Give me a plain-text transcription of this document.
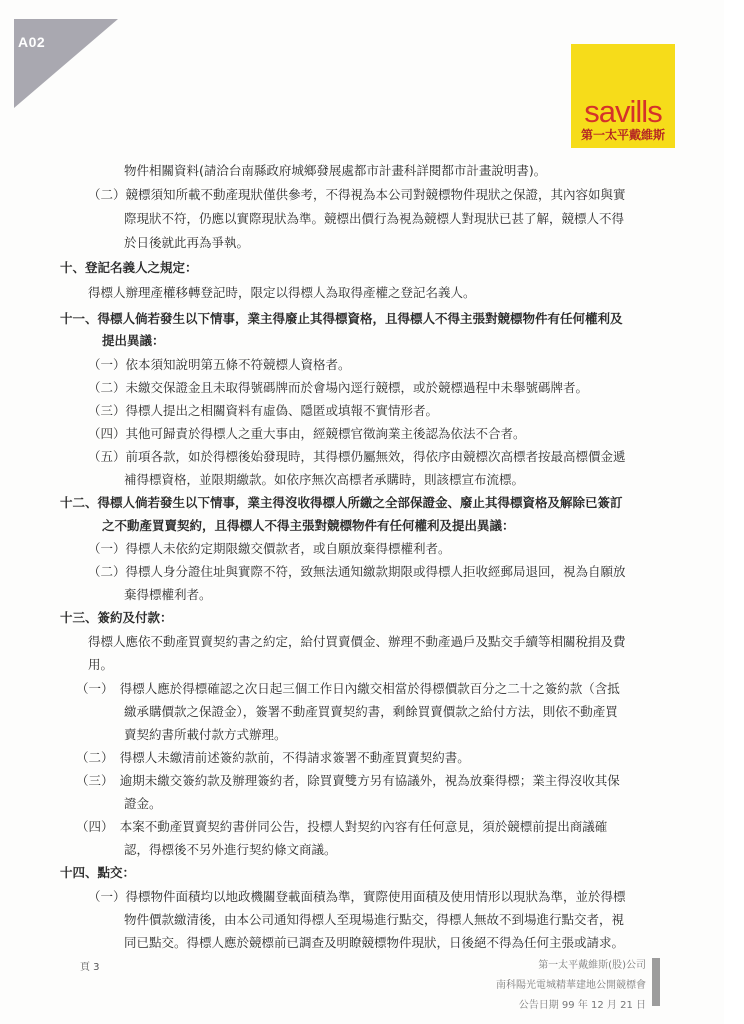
A02
savills
第一太平戴維斯
物件相關資料(請洽台南縣政府城鄉發展處都市計畫科詳閱都市計畫說明書)。
（二）競標須知所載不動產現狀僅供參考，不得視為本公司對競標物件現狀之保證，其內容如與實
際現狀不符，仍應以實際現狀為準。競標出價行為視為競標人對現狀已甚了解，競標人不得
於日後就此再為爭執。
十、登記名義人之規定：
得標人辦理產權移轉登記時，限定以得標人為取得產權之登記名義人。
十一、得標人倘若發生以下情事，業主得廢止其得標資格，且得標人不得主張對競標物件有任何權利及
提出異議：
（一）依本須知說明第五條不符競標人資格者。
（二）未繳交保證金且未取得號碼牌而於會場內逕行競標，或於競標過程中未舉號碼牌者。
（三）得標人提出之相關資料有虛偽、隱匿或填報不實情形者。
（四）其他可歸責於得標人之重大事由，經競標官徵詢業主後認為依法不合者。
（五）前項各款，如於得標後始發現時，其得標仍屬無效，得依序由競標次高標者按最高標價金遞
補得標資格，並限期繳款。如依序無次高標者承購時，則該標宣布流標。
十二、得標人倘若發生以下情事，業主得沒收得標人所繳之全部保證金、廢止其得標資格及解除已簽訂
之不動產買賣契約，且得標人不得主張對競標物件有任何權利及提出異議：
（一）得標人未依約定期限繳交價款者，或自願放棄得標權利者。
（二）得標人身分證住址與實際不符，致無法通知繳款期限或得標人拒收經郵局退回，視為自願放
棄得標權利者。
十三、簽約及付款：
得標人應依不動產買賣契約書之約定，給付買賣價金、辦理不動產過戶及點交手續等相關稅捐及費
用。
（一）　得標人應於得標確認之次日起三個工作日內繳交相當於得標價款百分之二十之簽約款（含抵
繳承購價款之保證金），簽署不動產買賣契約書，剩餘買賣價款之給付方法，則依不動產買
賣契約書所載付款方式辦理。
（二）　得標人未繳清前述簽約款前，不得請求簽署不動產買賣契約書。
（三）　逾期未繳交簽約款及辦理簽約者，除買賣雙方另有協議外，視為放棄得標；業主得沒收其保
證金。
（四）　本案不動產買賣契約書併同公告，投標人對契約內容有任何意見，須於競標前提出商議確
認，得標後不另外進行契約條文商議。
十四、點交：
（一）得標物件面積均以地政機關登載面積為準，實際使用面積及使用情形以現狀為準，並於得標
物件價款繳清後，由本公司通知得標人至現場進行點交，得標人無故不到場進行點交者，視
同已點交。得標人應於競標前已調查及明瞭競標物件現狀，日後絕不得為任何主張或請求。
頁 3	第一太平戴維斯(股)公司
南科陽光電城精華建地公開競標會
公告日期 99 年 12 月 21 日
